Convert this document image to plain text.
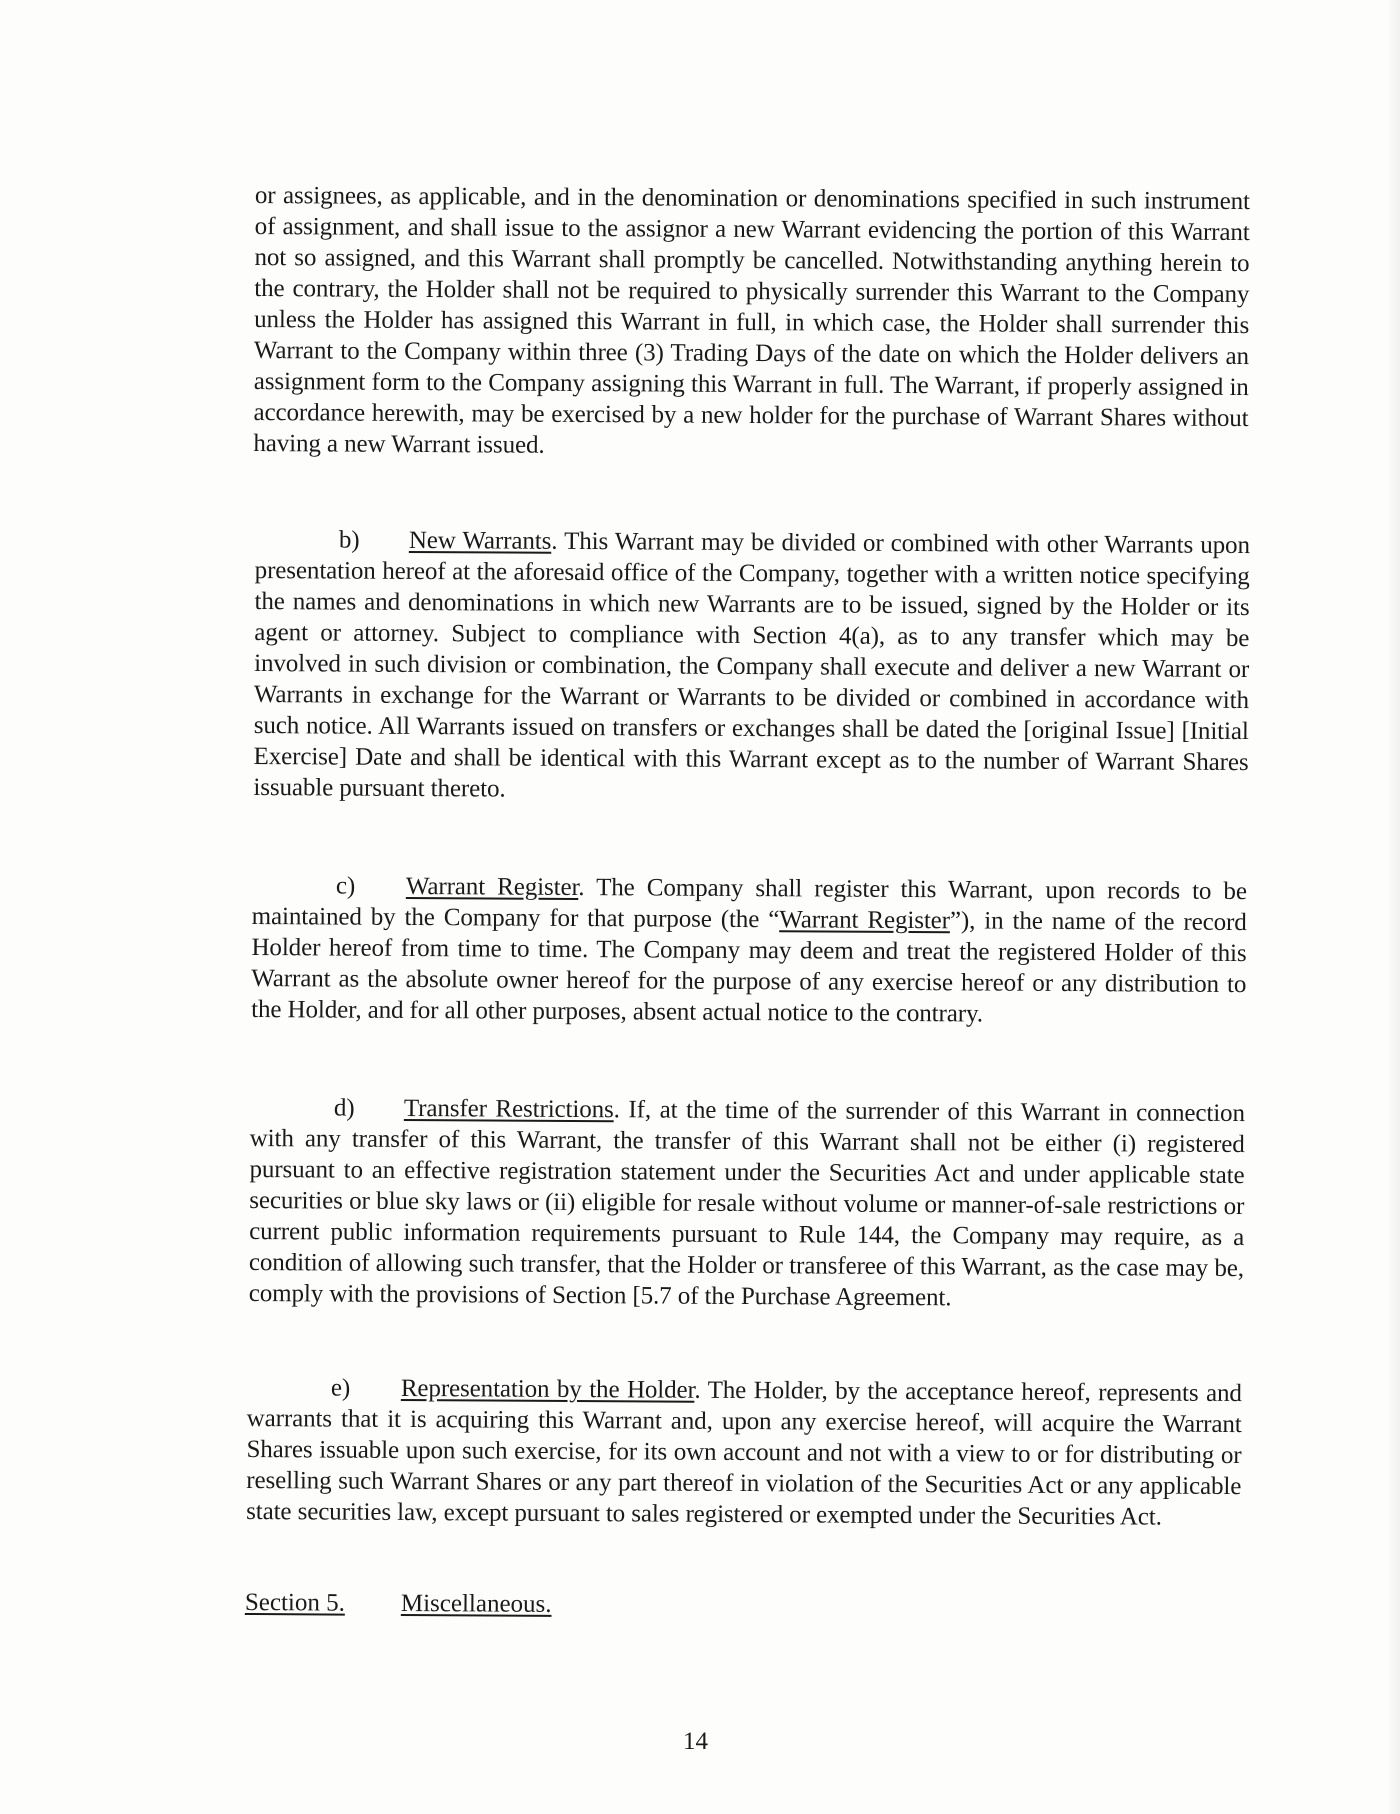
or assignees, as applicable, and in the denomination or denominations specified in such instrument of assignment, and shall issue to the assignor a new Warrant evidencing the portion of this Warrant not so assigned, and this Warrant shall promptly be cancelled. Notwithstanding anything herein to the contrary, the Holder shall not be required to physically surrender this Warrant to the Company unless the Holder has assigned this Warrant in full, in which case, the Holder shall surrender this Warrant to the Company within three (3) Trading Days of the date on which the Holder delivers an assignment form to the Company assigning this Warrant in full. The Warrant, if properly assigned in accordance herewith, may be exercised by a new holder for the purchase of Warrant Shares without having a new Warrant issued.

b) New Warrants. This Warrant may be divided or combined with other Warrants upon presentation hereof at the aforesaid office of the Company, together with a written notice specifying the names and denominations in which new Warrants are to be issued, signed by the Holder or its agent or attorney. Subject to compliance with Section 4(a), as to any transfer which may be involved in such division or combination, the Company shall execute and deliver a new Warrant or Warrants in exchange for the Warrant or Warrants to be divided or combined in accordance with such notice. All Warrants issued on transfers or exchanges shall be dated the [original Issue] [Initial Exercise] Date and shall be identical with this Warrant except as to the number of Warrant Shares issuable pursuant thereto.

c) Warrant Register. The Company shall register this Warrant, upon records to be maintained by the Company for that purpose (the “Warrant Register”), in the name of the record Holder hereof from time to time. The Company may deem and treat the registered Holder of this Warrant as the absolute owner hereof for the purpose of any exercise hereof or any distribution to the Holder, and for all other purposes, absent actual notice to the contrary.

d) Transfer Restrictions. If, at the time of the surrender of this Warrant in connection with any transfer of this Warrant, the transfer of this Warrant shall not be either (i) registered pursuant to an effective registration statement under the Securities Act and under applicable state securities or blue sky laws or (ii) eligible for resale without volume or manner-of-sale restrictions or current public information requirements pursuant to Rule 144, the Company may require, as a condition of allowing such transfer, that the Holder or transferee of this Warrant, as the case may be, comply with the provisions of Section [5.7 of the Purchase Agreement.

e) Representation by the Holder. The Holder, by the acceptance hereof, represents and warrants that it is acquiring this Warrant and, upon any exercise hereof, will acquire the Warrant Shares issuable upon such exercise, for its own account and not with a view to or for distributing or reselling such Warrant Shares or any part thereof in violation of the Securities Act or any applicable state securities law, except pursuant to sales registered or exempted under the Securities Act.

Section 5. Miscellaneous.
14
